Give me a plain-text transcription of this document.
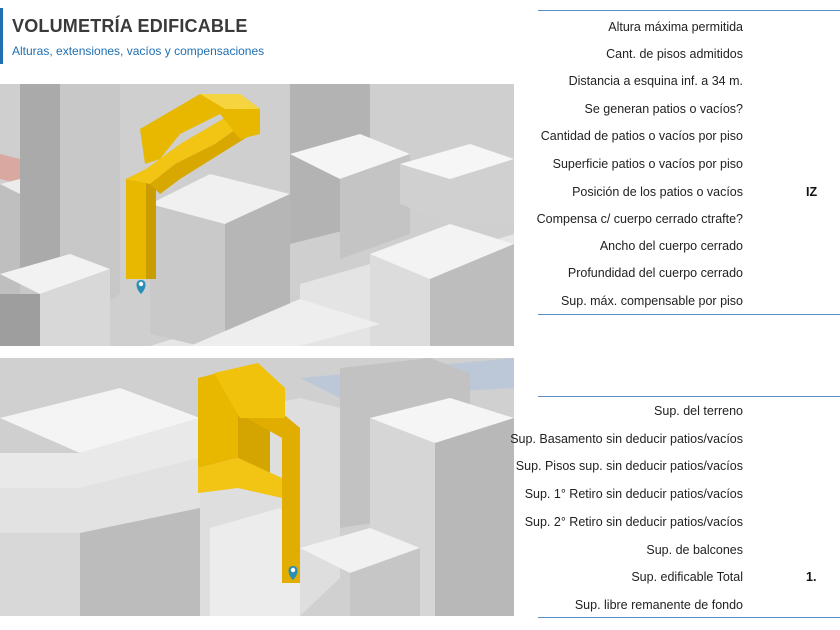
VOLUMETRÍA EDIFICABLE
Alturas, extensiones, vacíos y compensaciones
Altura máxima permitida
Cant. de pisos admitidos
Distancia a esquina inf. a 34 m.
Se generan patios o vacíos?
Cantidad de patios o vacíos por piso
Superficie patios o vacíos por piso
Posición de los patios o vacíos	IZ
Compensa c/ cuerpo cerrado ctrafte?
Ancho del cuerpo cerrado
Profundidad del cuerpo cerrado
Sup. máx. compensable por piso
Sup. del terreno
Sup. Basamento sin deducir patios/vacíos
Sup. Pisos sup. sin deducir patios/vacíos
Sup. 1° Retiro sin deducir patios/vacíos
Sup. 2° Retiro sin deducir patios/vacíos
Sup. de balcones
Sup. edificable Total	1.
Sup. libre remanente de fondo
